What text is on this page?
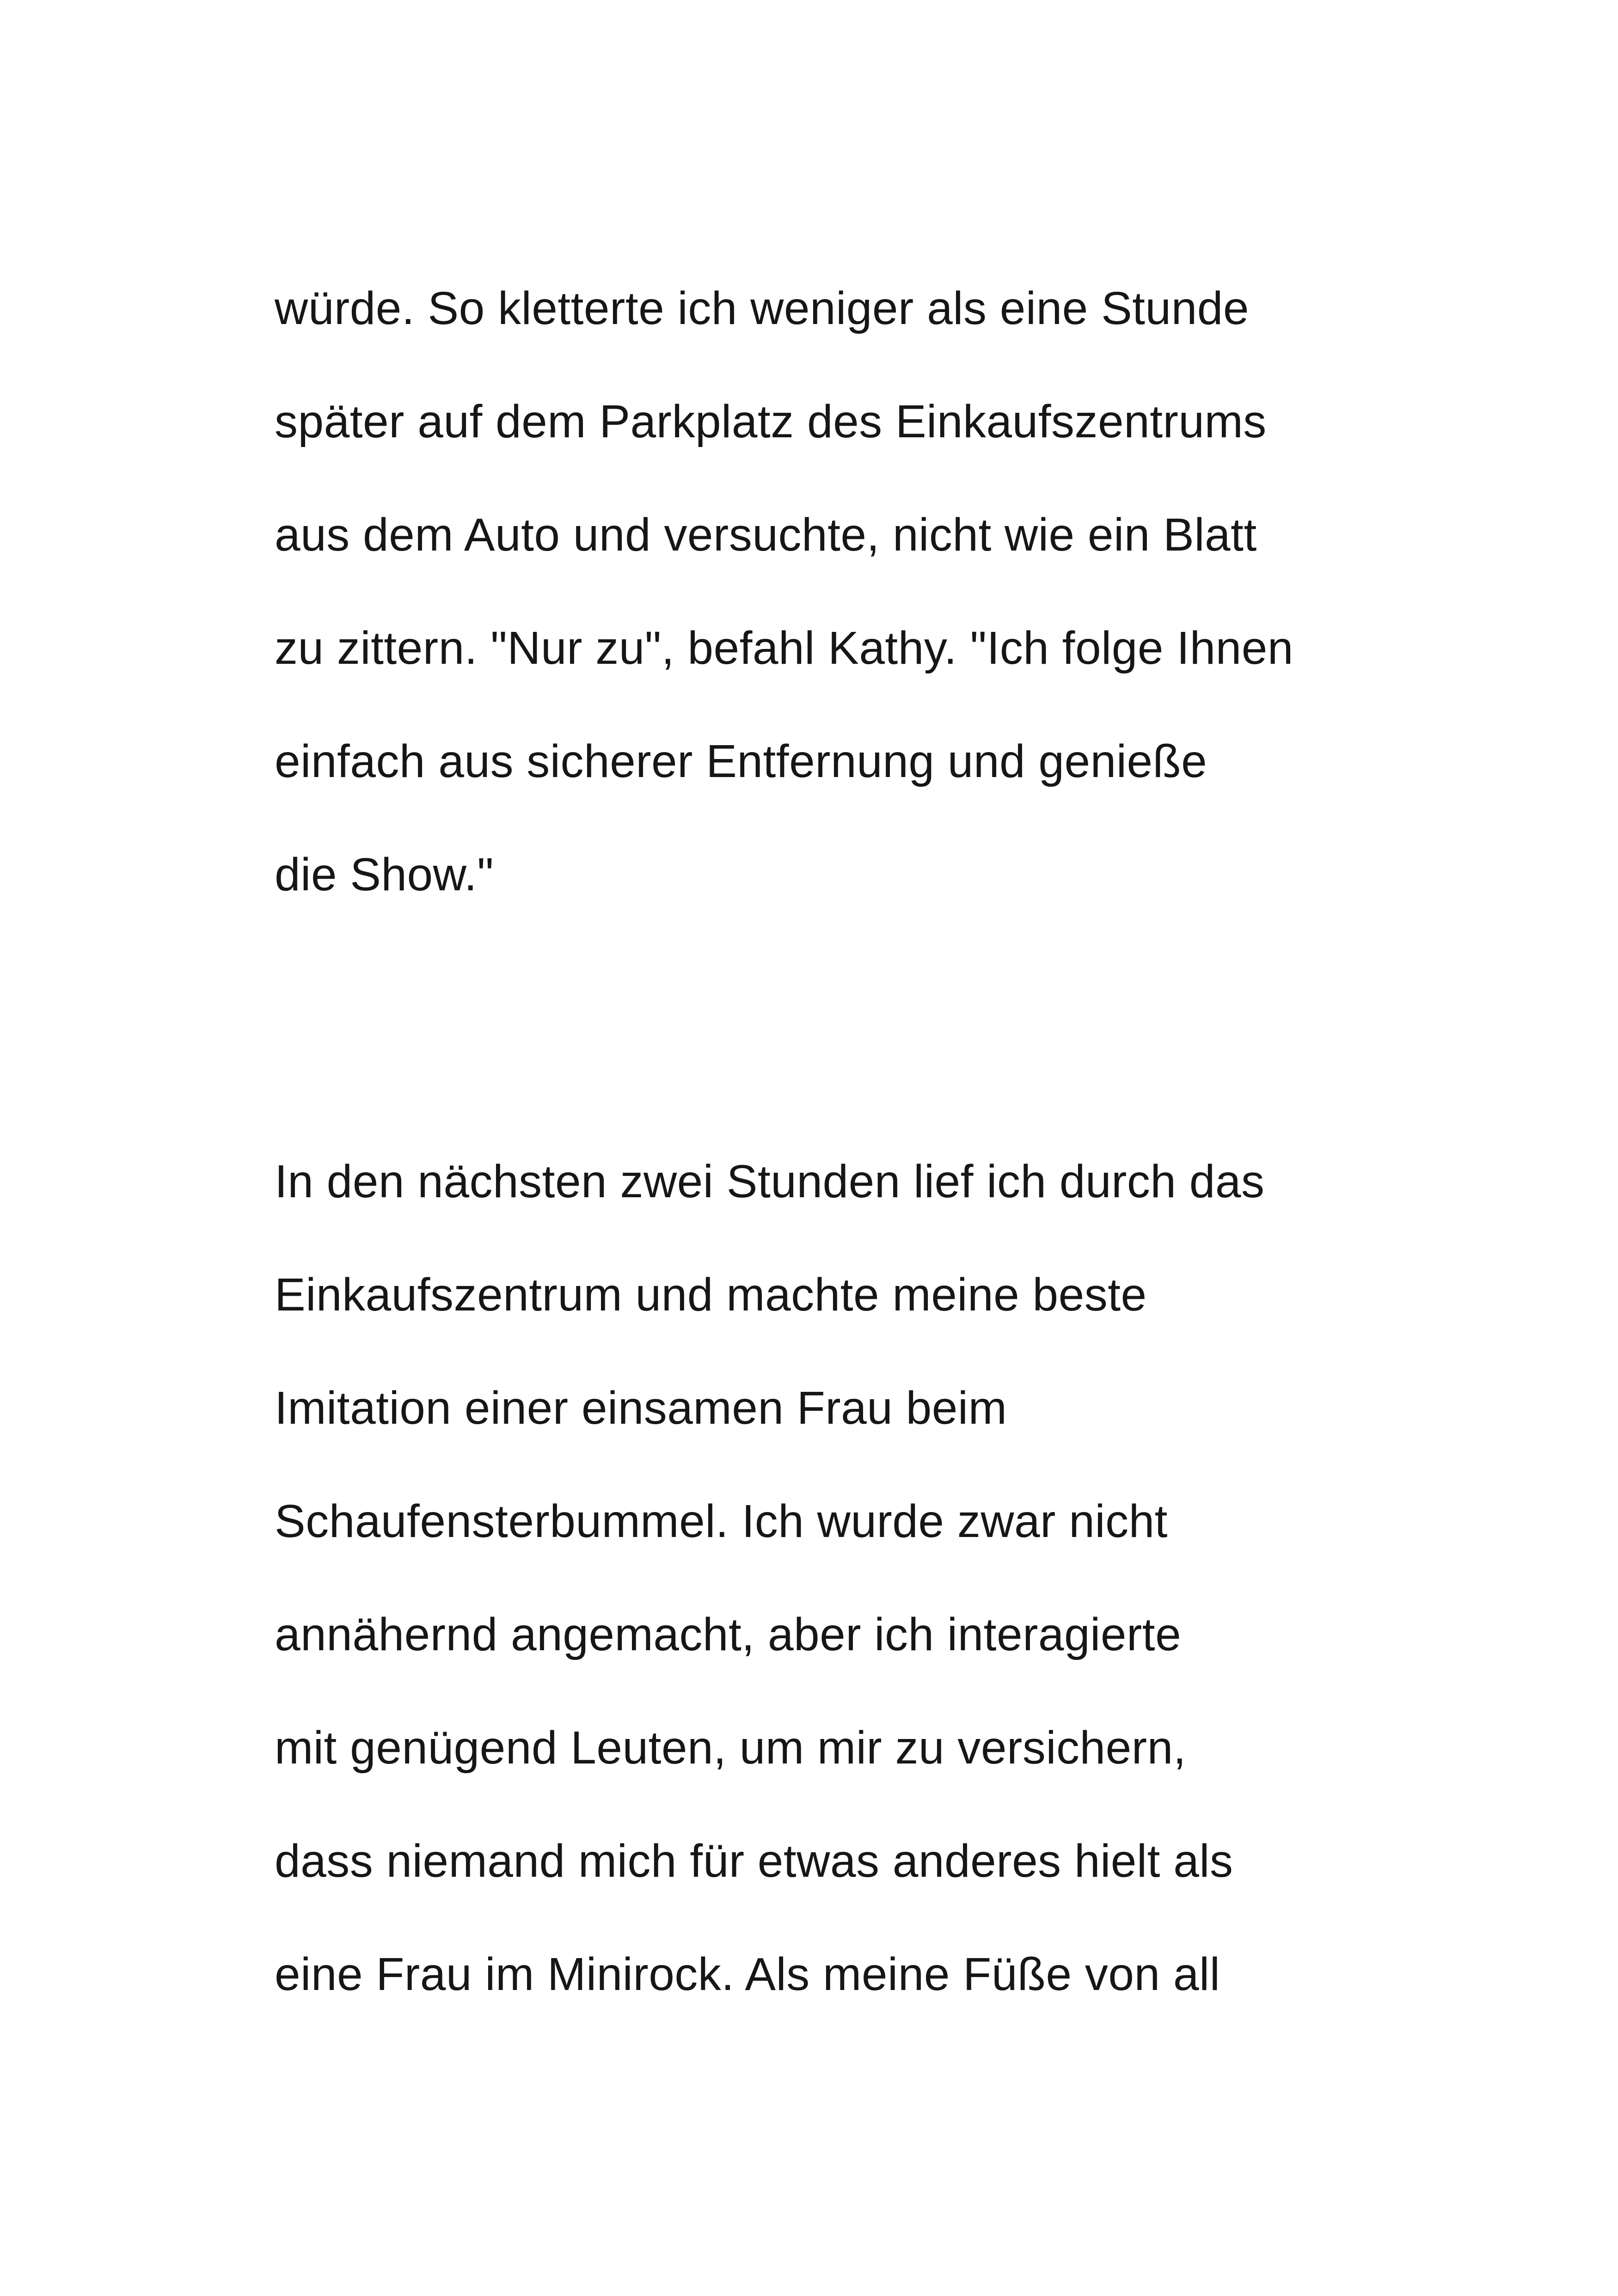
würde. So kletterte ich weniger als eine Stunde
später auf dem Parkplatz des Einkaufszentrums
aus dem Auto und versuchte, nicht wie ein Blatt
zu zittern. "Nur zu", befahl Kathy. "Ich folge Ihnen
einfach aus sicherer Entfernung und genieße
die Show."
In den nächsten zwei Stunden lief ich durch das
Einkaufszentrum und machte meine beste
Imitation einer einsamen Frau beim
Schaufensterbummel. Ich wurde zwar nicht
annähernd angemacht, aber ich interagierte
mit genügend Leuten, um mir zu versichern,
dass niemand mich für etwas anderes hielt als
eine Frau im Minirock. Als meine Füße von all
